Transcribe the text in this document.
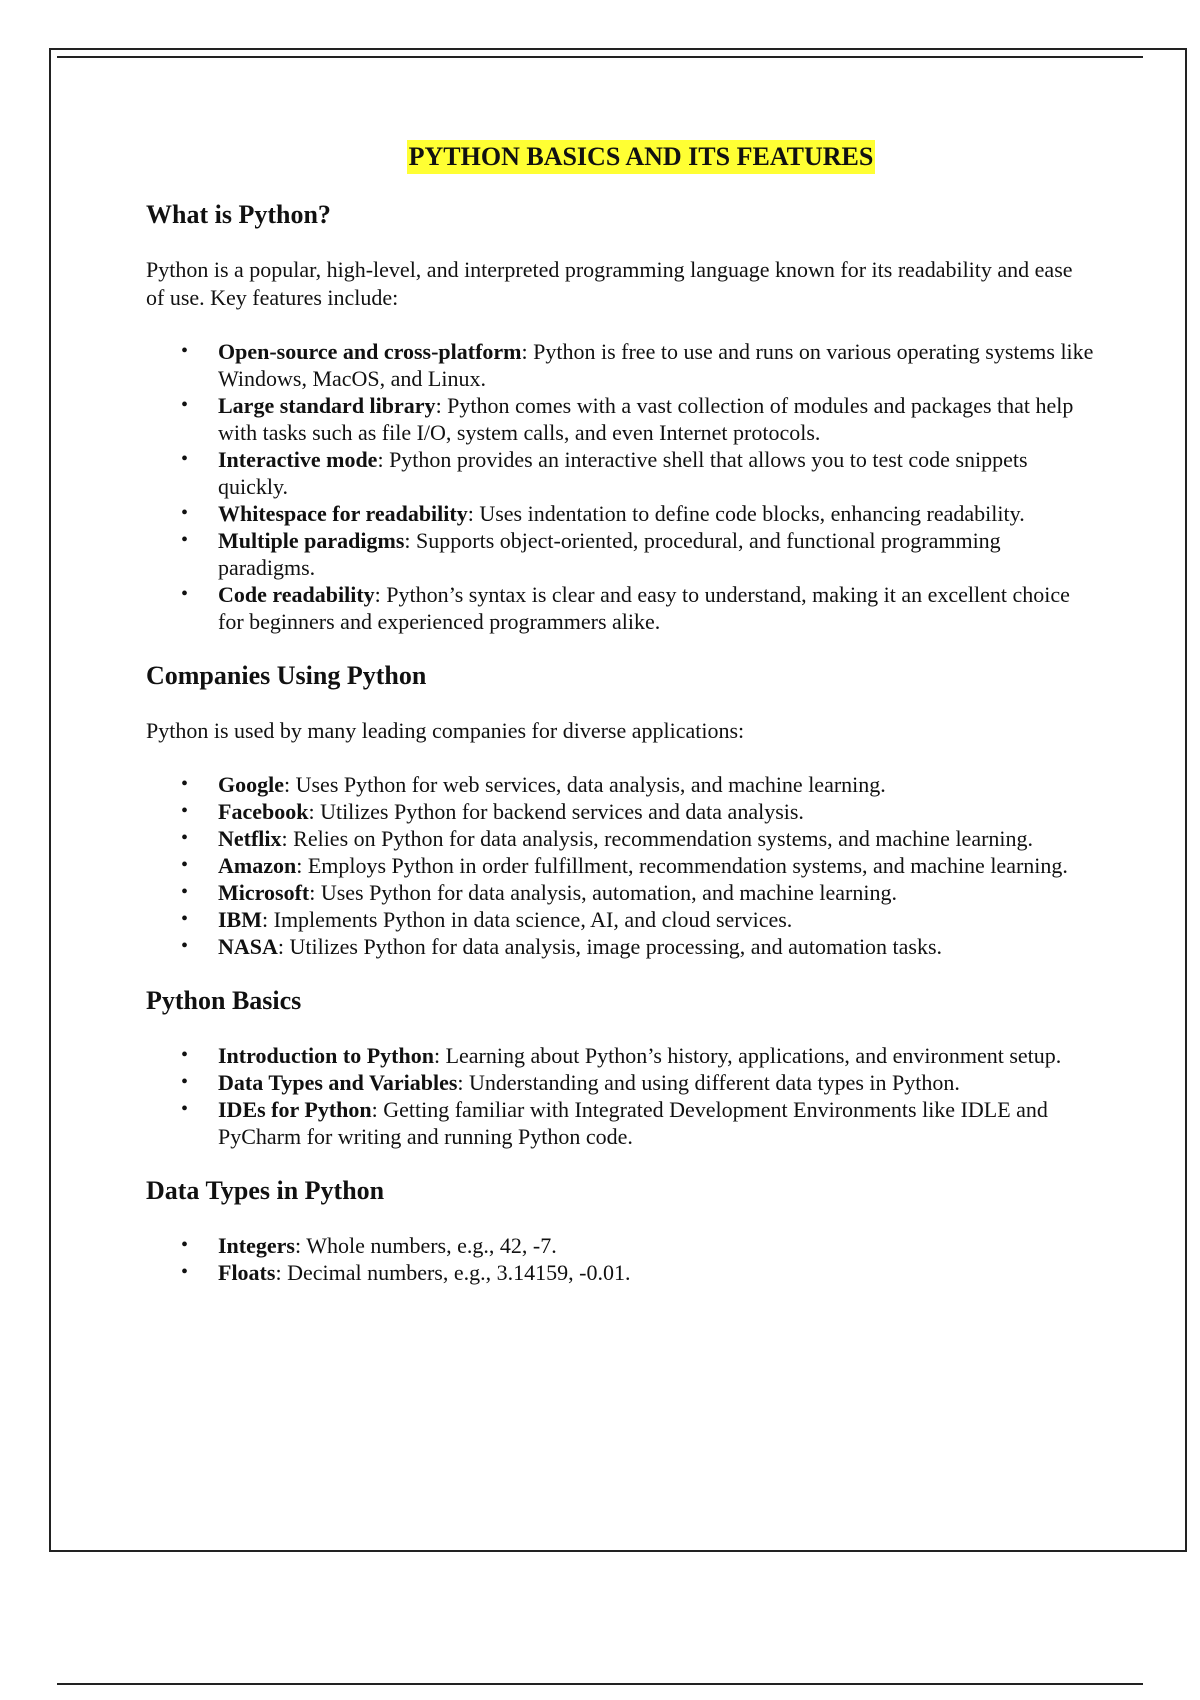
PYTHON BASICS AND ITS FEATURES
What is Python?

Python is a popular, high-level, and interpreted programming language known for its readability and ease of use. Key features include:

• Open-source and cross-platform: Python is free to use and runs on various operating systems like Windows, MacOS, and Linux.
• Large standard library: Python comes with a vast collection of modules and packages that help with tasks such as file I/O, system calls, and even Internet protocols.
• Interactive mode: Python provides an interactive shell that allows you to test code snippets quickly.
• Whitespace for readability: Uses indentation to define code blocks, enhancing readability.
• Multiple paradigms: Supports object-oriented, procedural, and functional programming paradigms.
• Code readability: Python’s syntax is clear and easy to understand, making it an excellent choice for beginners and experienced programmers alike.
Companies Using Python

Python is used by many leading companies for diverse applications:

• Google: Uses Python for web services, data analysis, and machine learning.
• Facebook: Utilizes Python for backend services and data analysis.
• Netflix: Relies on Python for data analysis, recommendation systems, and machine learning.
• Amazon: Employs Python in order fulfillment, recommendation systems, and machine learning.
• Microsoft: Uses Python for data analysis, automation, and machine learning.
• IBM: Implements Python in data science, AI, and cloud services.
• NASA: Utilizes Python for data analysis, image processing, and automation tasks.
Python Basics
• Introduction to Python: Learning about Python’s history, applications, and environment setup.
• Data Types and Variables: Understanding and using different data types in Python.
• IDEs for Python: Getting familiar with Integrated Development Environments like IDLE and PyCharm for writing and running Python code.
Data Types in Python
• Integers: Whole numbers, e.g., 42, -7.
• Floats: Decimal numbers, e.g., 3.14159, -0.01.
